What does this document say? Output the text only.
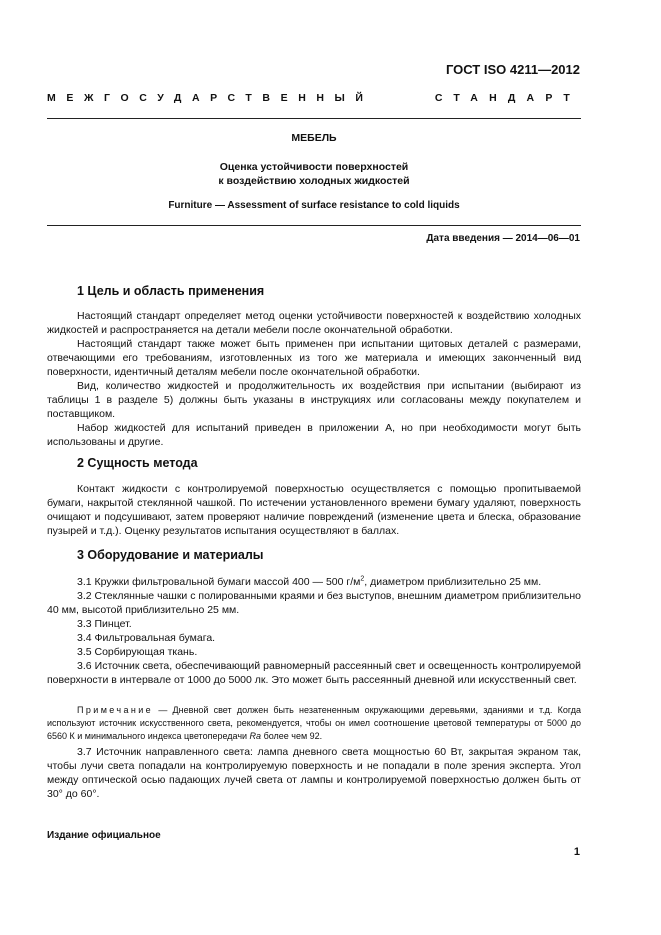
ГОСТ ISO 4211—2012
МЕЖГОСУДАРСТВЕННЫЙ	СТАНДАРТ
МЕБЕЛЬ
Оценка устойчивости поверхностей
к воздействию холодных жидкостей
Furniture — Assessment of surface resistance to cold liquids
Дата введения — 2014—06—01
1 Цель и область применения

Настоящий стандарт определяет метод оценки устойчивости поверхностей к воздействию холодных жидкостей и распространяется на детали мебели после окончательной обработки.

Настоящий стандарт также может быть применен при испытании щитовых деталей с размерами, отвечающими его требованиям, изготовленных из того же материала и имеющих законченный вид поверхности, идентичный деталям мебели после окончательной обработки.

Вид, количество жидкостей и продолжительность их воздействия при испытании (выбирают из таблицы 1 в разделе 5) должны быть указаны в инструкциях или согласованы между покупателем и поставщиком.

Набор жидкостей для испытаний приведен в приложении А, но при необходимости могут быть использованы и другие.

2 Сущность метода

Контакт жидкости с контролируемой поверхностью осуществляется с помощью пропитываемой бумаги, накрытой стеклянной чашкой. По истечении установленного времени бумагу удаляют, поверхность очищают и подсушивают, затем проверяют наличие повреждений (изменение цвета и блеска, образование пузырей и т.д.). Оценку результатов испытания осуществляют в баллах.

3 Оборудование и материалы

3.1 Кружки фильтровальной бумаги массой 400 — 500 $г/м^2$, диаметром приблизительно 25 мм.

3.2 Стеклянные чашки с полированными краями и без выступов, внешним диаметром приблизительно 40 мм, высотой приблизительно 25 мм.

3.3 Пинцет.

3.4 Фильтровальная бумага.

3.5 Сорбирующая ткань.

3.6 Источник света, обеспечивающий равномерный рассеянный свет и освещенность контролируемой поверхности в интервале от 1000 до 5000 лк. Это может быть рассеянный дневной или искусственный свет.

Примечание — Дневной свет должен быть незатененным окружающими деревьями, зданиями и т.д. Когда используют источник искусственного света, рекомендуется, чтобы он имел соотношение цветовой температуры от 5000 до 6560 К и минимального индекса цветопередачи Ra более чем 92.

3.7 Источник направленного света: лампа дневного света мощностью 60 Вт, закрытая экраном так, чтобы лучи света попадали на контролируемую поверхность и не попадали в поле зрения эксперта. Угол между оптической осью падающих лучей света от лампы и контролируемой поверхностью должен быть от 30° до 60°.

Издание официальное
1
